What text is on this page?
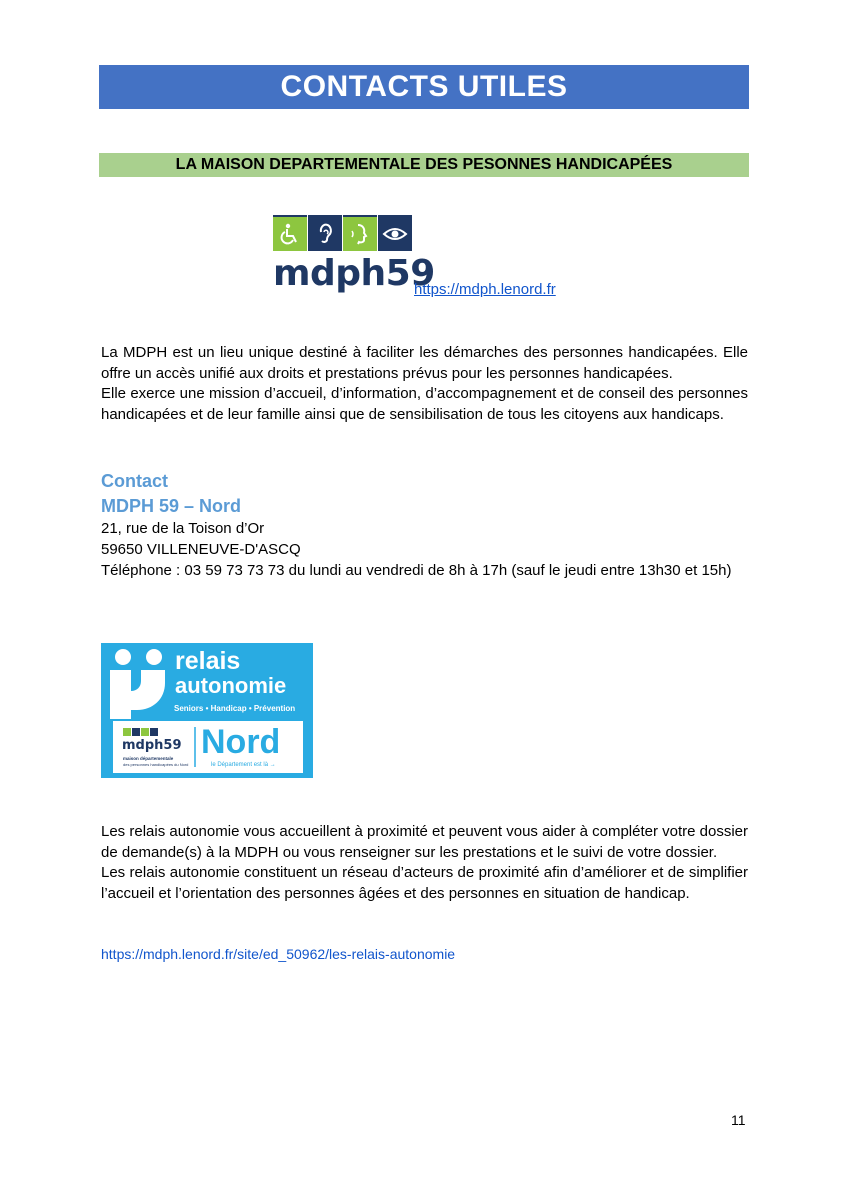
CONTACTS UTILES
LA MAISON DEPARTEMENTALE DES PESONNES HANDICAPÉES
mdph59
https://mdph.lenord.fr
La MDPH est un lieu unique destiné à faciliter les démarches des personnes handicapées. Elle offre un accès unifié aux droits et prestations prévus pour les personnes handicapées.
Elle exerce une mission d’accueil, d’information, d’accompagnement et de conseil des personnes handicapées et de leur famille ainsi que de sensibilisation de tous les citoyens aux handicaps.
Contact
MDPH 59 – Nord
21, rue de la Toison d’Or
59650 VILLENEUVE-D'ASCQ
Téléphone : 03 59 73 73 73 du lundi au vendredi de 8h à 17h (sauf le jeudi entre 13h30 et 15h)
relais
autonomie
Seniors • Handicap • Prévention
mdph59
maison départementale
des personnes handicapées du Nord
Nord
le Département est là →
Les relais autonomie vous accueillent à proximité et peuvent vous aider à compléter votre dossier de demande(s) à la MDPH ou vous renseigner sur les prestations et le suivi de votre dossier.
Les relais autonomie constituent un réseau d’acteurs de proximité afin d’améliorer et de simplifier l’accueil et l’orientation des personnes âgées et des personnes en situation de handicap.
https://mdph.lenord.fr/site/ed_50962/les-relais-autonomie
11
